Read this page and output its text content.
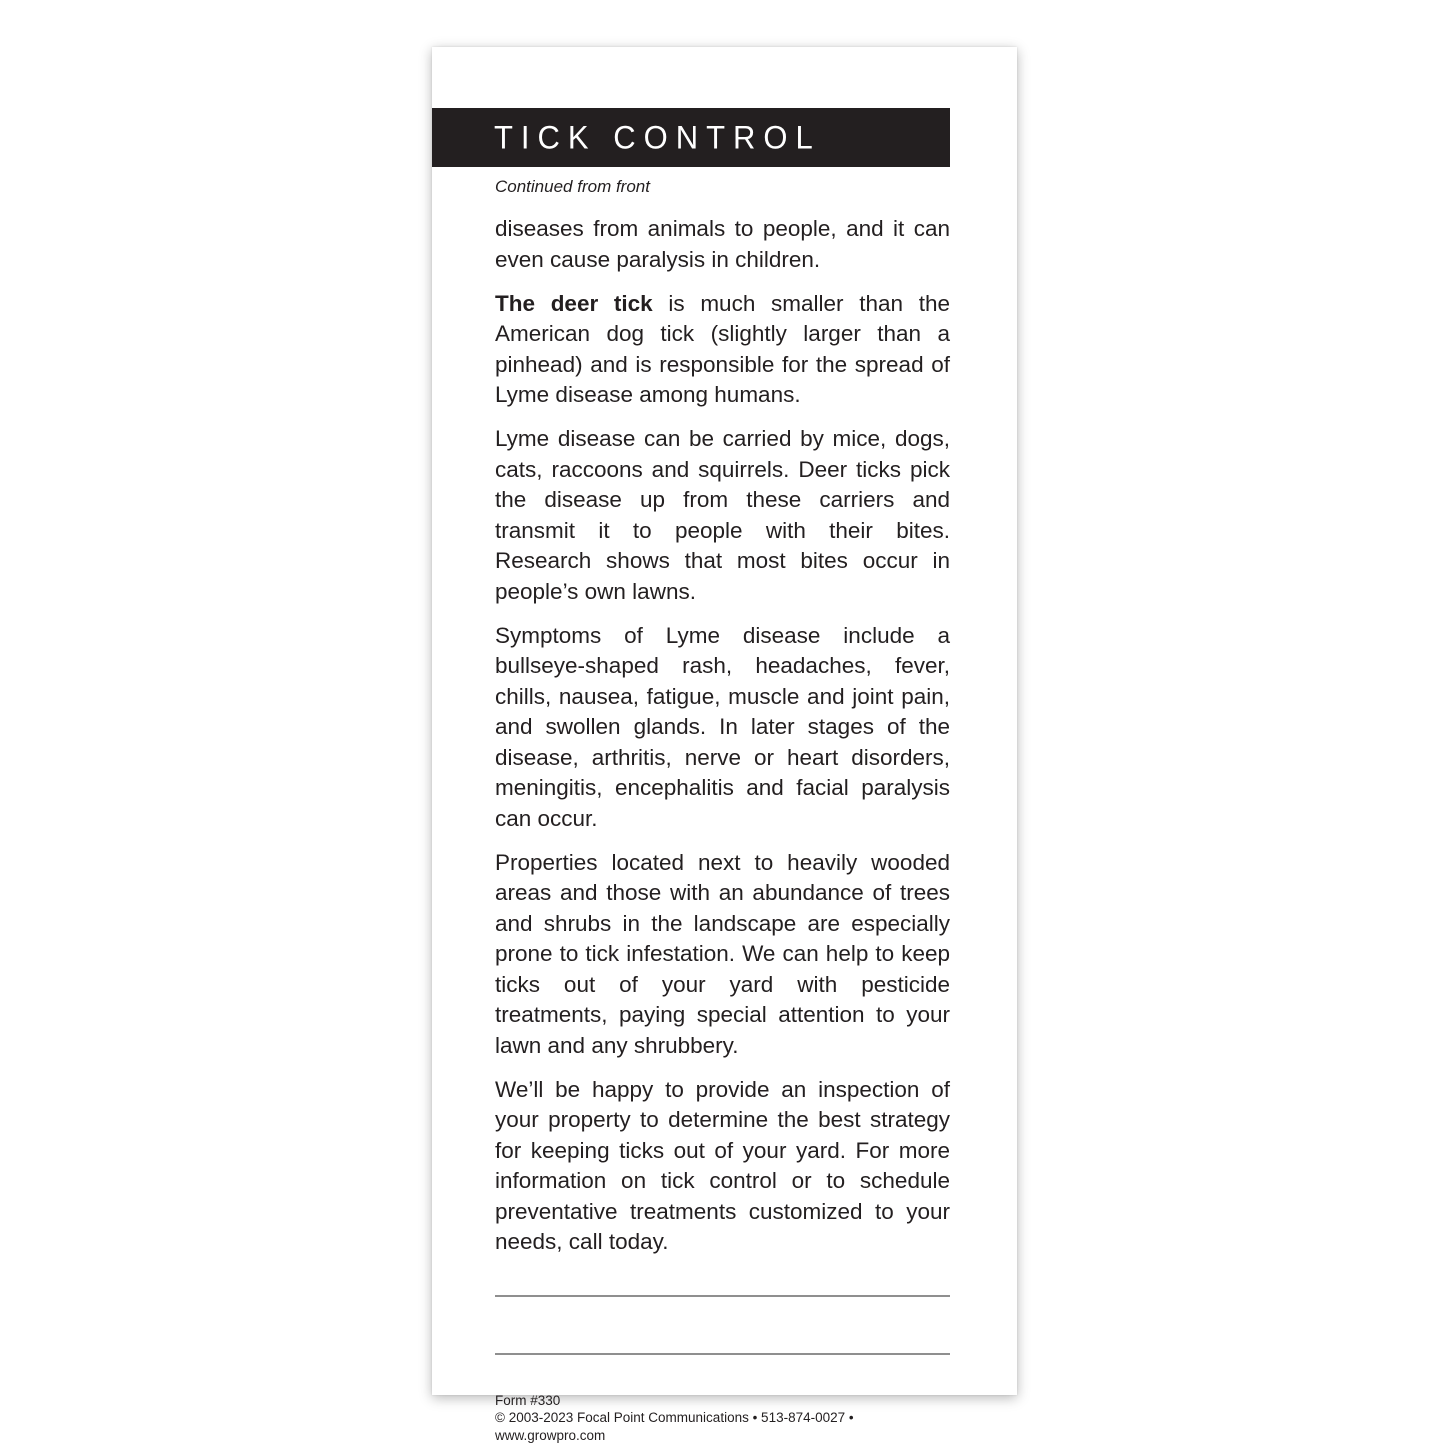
TICK CONTROL

Continued from front

diseases from animals to people, and it can even cause paralysis in children.

The deer tick is much smaller than the American dog tick (slightly larger than a pinhead) and is responsible for the spread of Lyme disease among humans.

Lyme disease can be carried by mice, dogs, cats, raccoons and squirrels. Deer ticks pick the disease up from these carriers and transmit it to people with their bites. Research shows that most bites occur in people’s own lawns.

Symptoms of Lyme disease include a bullseye-shaped rash, headaches, fever, chills, nausea, fatigue, muscle and joint pain, and swollen glands. In later stages of the disease, arthritis, nerve or heart disorders, meningitis, encephalitis and facial paralysis can occur.

Properties located next to heavily wooded areas and those with an abundance of trees and shrubs in the landscape are especially prone to tick infestation. We can help to keep ticks out of your yard with pesticide treatments, paying special attention to your lawn and any shrubbery.

We’ll be happy to provide an inspection of your property to determine the best strategy for keeping ticks out of your yard. For more information on tick control or to schedule preventative treatments customized to your needs, call today.

Form #330
© 2003-2023 Focal Point Communications • 513-874-0027 • www.growpro.com
